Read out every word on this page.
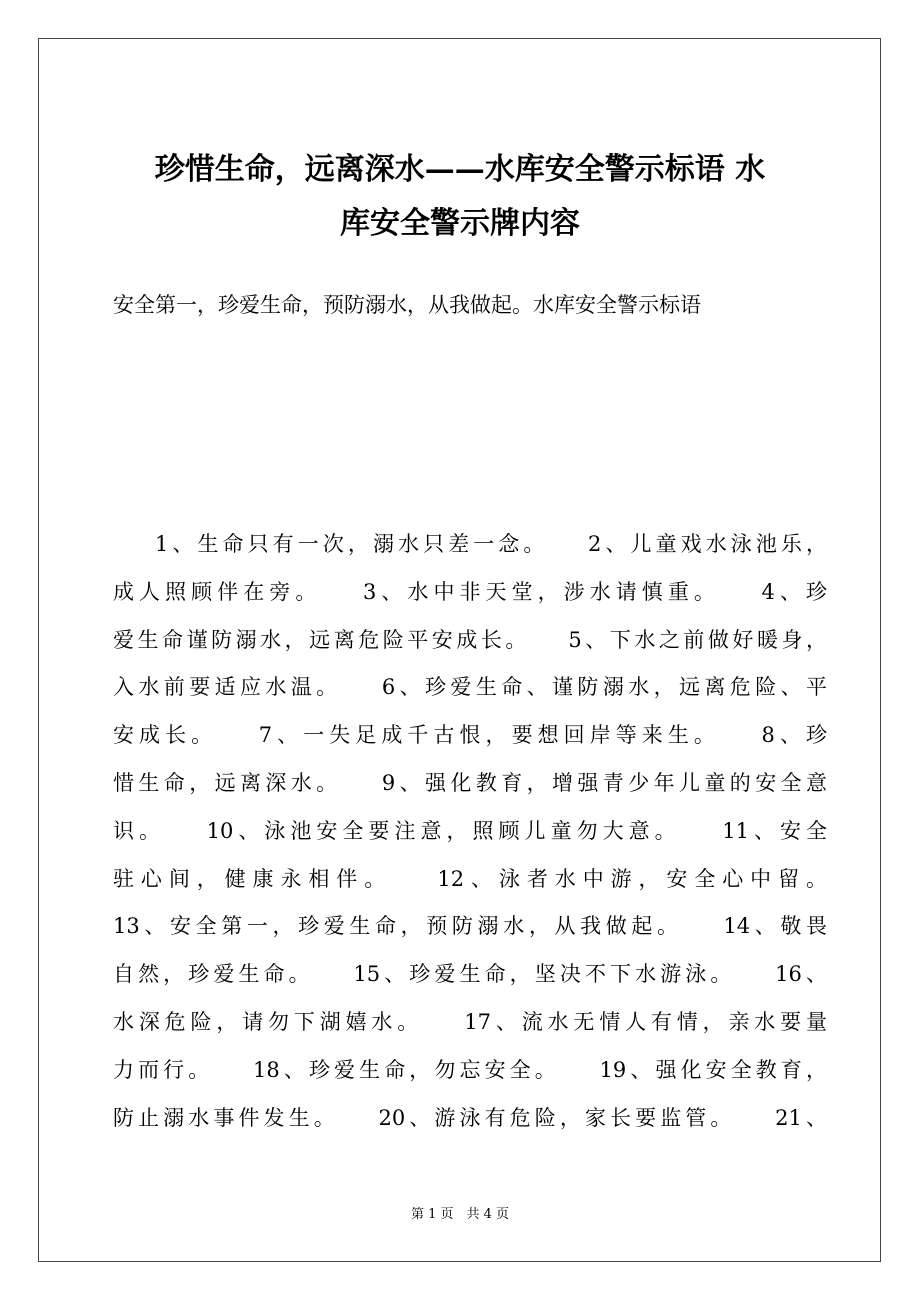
珍惜生命，远离深水——水库安全警示标语 水
库安全警示牌内容

安全第一，珍爱生命，预防溺水，从我做起。水库安全警示标语

1、生命只有一次，溺水只差一念。　　2、儿童戏水泳池乐，
成人照顾伴在旁。　　3、水中非天堂，涉水请慎重。　　4、珍
爱生命谨防溺水，远离危险平安成长。　　5、下水之前做好暖身，
入水前要适应水温。　　6、珍爱生命、谨防溺水，远离危险、平
安成长。　　7、一失足成千古恨，要想回岸等来生。　　8、珍
惜生命，远离深水。　　9、强化教育，增强青少年儿童的安全意
识。　　10、泳池安全要注意，照顾儿童勿大意。　　11、安全
驻心间，健康永相伴。　　12、泳者水中游，安全心中留。
13、安全第一，珍爱生命，预防溺水，从我做起。　　14、敬畏
自然，珍爱生命。　　15、珍爱生命，坚决不下水游泳。　　16、
水深危险，请勿下湖嬉水。　　17、流水无情人有情，亲水要量
力而行。　　18、珍爱生命，勿忘安全。　　19、强化安全教育，
防止溺水事件发生。　　20、游泳有危险，家长要监管。　　21、
第 1 页　共 4 页
